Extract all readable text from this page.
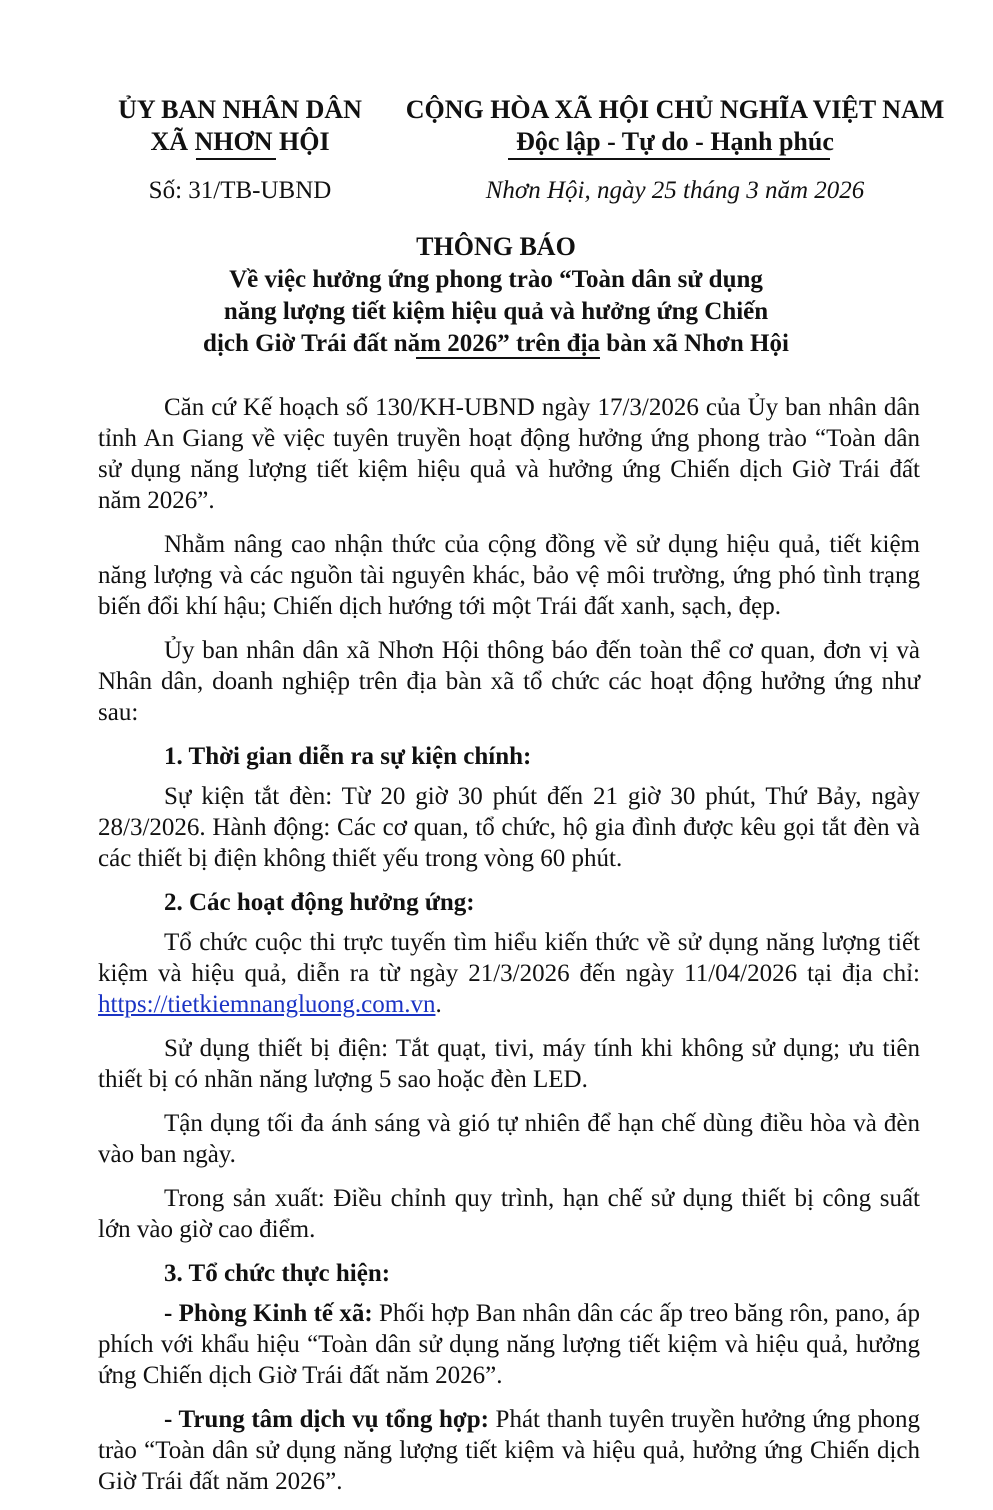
ỦY BAN NHÂN DÂN
XÃ NHƠN HỘI
CỘNG HÒA XÃ HỘI CHỦ NGHĨA VIỆT NAM
Độc lập - Tự do - Hạnh phúc
Số: 31/TB-UBND	Nhơn Hội, ngày 25 tháng 3 năm 2026
THÔNG BÁO
Về việc hưởng ứng phong trào “Toàn dân sử dụng
năng lượng tiết kiệm hiệu quả và hưởng ứng Chiến
dịch Giờ Trái đất năm 2026” trên địa bàn xã Nhơn Hội

Căn cứ Kế hoạch số 130/KH-UBND ngày 17/3/2026 của Ủy ban nhân dân tỉnh An Giang về việc tuyên truyền hoạt động hưởng ứng phong trào “Toàn dân sử dụng năng lượng tiết kiệm hiệu quả và hưởng ứng Chiến dịch Giờ Trái đất năm 2026”.

Nhằm nâng cao nhận thức của cộng đồng về sử dụng hiệu quả, tiết kiệm năng lượng và các nguồn tài nguyên khác, bảo vệ môi trường, ứng phó tình trạng biến đổi khí hậu; Chiến dịch hướng tới một Trái đất xanh, sạch, đẹp.

Ủy ban nhân dân xã Nhơn Hội thông báo đến toàn thể cơ quan, đơn vị và Nhân dân, doanh nghiệp trên địa bàn xã tổ chức các hoạt động hưởng ứng như sau:

1. Thời gian diễn ra sự kiện chính:

Sự kiện tắt đèn: Từ 20 giờ 30 phút đến 21 giờ 30 phút, Thứ Bảy, ngày 28/3/2026. Hành động: Các cơ quan, tổ chức, hộ gia đình được kêu gọi tắt đèn và các thiết bị điện không thiết yếu trong vòng 60 phút.

2. Các hoạt động hưởng ứng:

Tổ chức cuộc thi trực tuyến tìm hiểu kiến thức về sử dụng năng lượng tiết kiệm và hiệu quả, diễn ra từ ngày 21/3/2026 đến ngày 11/04/2026 tại địa chỉ: https://tietkiemnangluong.com.vn.

Sử dụng thiết bị điện: Tắt quạt, tivi, máy tính khi không sử dụng; ưu tiên thiết bị có nhãn năng lượng 5 sao hoặc đèn LED.

Tận dụng tối đa ánh sáng và gió tự nhiên để hạn chế dùng điều hòa và đèn vào ban ngày.

Trong sản xuất: Điều chỉnh quy trình, hạn chế sử dụng thiết bị công suất lớn vào giờ cao điểm.

3. Tổ chức thực hiện:

- Phòng Kinh tế xã: Phối hợp Ban nhân dân các ấp treo băng rôn, pano, áp phích với khẩu hiệu “Toàn dân sử dụng năng lượng tiết kiệm và hiệu quả, hưởng ứng Chiến dịch Giờ Trái đất năm 2026”.

- Trung tâm dịch vụ tổng hợp: Phát thanh tuyên truyền hưởng ứng phong trào “Toàn dân sử dụng năng lượng tiết kiệm và hiệu quả, hưởng ứng Chiến dịch Giờ Trái đất năm 2026”.
